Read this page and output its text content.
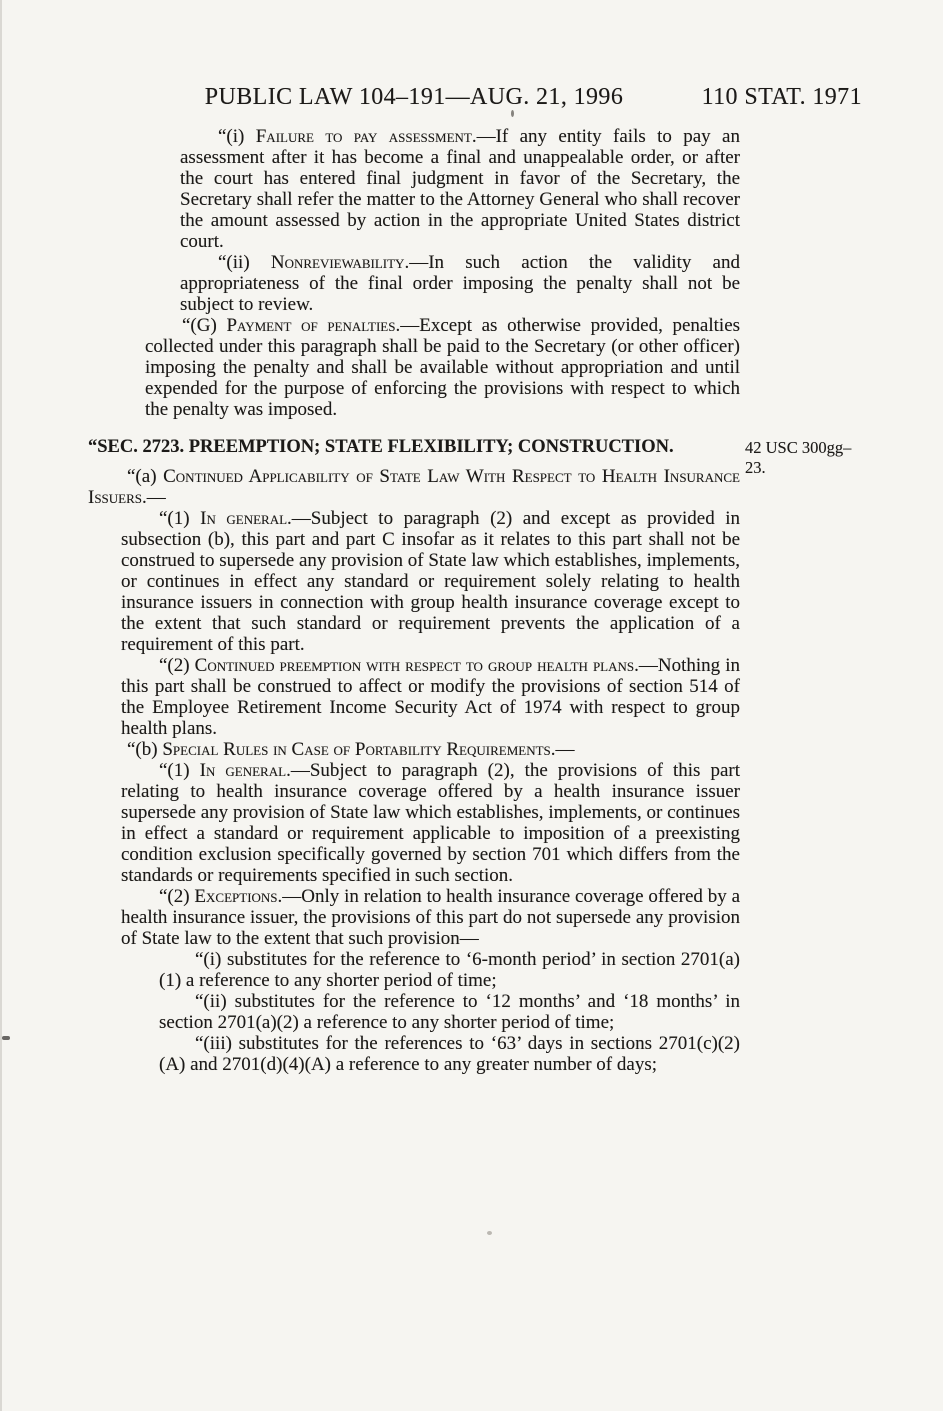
PUBLIC LAW 104–191—AUG. 21, 1996	110 STAT. 1971

“(i) Failure to pay assessment.—If any entity fails to pay an assessment after it has become a final and unappealable order, or after the court has entered final judgment in favor of the Secretary, the Secretary shall refer the matter to the Attorney General who shall recover the amount assessed by action in the appropriate United States district court.

“(ii) Nonreviewability.—In such action the validity and appropriateness of the final order imposing the penalty shall not be subject to review.

“(G) Payment of penalties.—Except as otherwise provided, penalties collected under this paragraph shall be paid to the Secretary (or other officer) imposing the penalty and shall be available without appropriation and until expended for the purpose of enforcing the provisions with respect to which the penalty was imposed.

“SEC. 2723. PREEMPTION; STATE FLEXIBILITY; CONSTRUCTION.	42 USC 300gg–23.

“(a) Continued Applicability of State Law With Respect to Health Insurance Issuers.—

“(1) In general.—Subject to paragraph (2) and except as provided in subsection (b), this part and part C insofar as it relates to this part shall not be construed to supersede any provision of State law which establishes, implements, or continues in effect any standard or requirement solely relating to health insurance issuers in connection with group health insurance coverage except to the extent that such standard or requirement prevents the application of a requirement of this part.

“(2) Continued preemption with respect to group health plans.—Nothing in this part shall be construed to affect or modify the provisions of section 514 of the Employee Retirement Income Security Act of 1974 with respect to group health plans.

“(b) Special Rules in Case of Portability Requirements.—

“(1) In general.—Subject to paragraph (2), the provisions of this part relating to health insurance coverage offered by a health insurance issuer supersede any provision of State law which establishes, implements, or continues in effect a standard or requirement applicable to imposition of a preexisting condition exclusion specifically governed by section 701 which differs from the standards or requirements specified in such section.

“(2) Exceptions.—Only in relation to health insurance coverage offered by a health insurance issuer, the provisions of this part do not supersede any provision of State law to the extent that such provision—

“(i) substitutes for the reference to ‘6-month period’ in section 2701(a)(1) a reference to any shorter period of time;

“(ii) substitutes for the reference to ‘12 months’ and ‘18 months’ in section 2701(a)(2) a reference to any shorter period of time;

“(iii) substitutes for the references to ‘63’ days in sections 2701(c)(2)(A) and 2701(d)(4)(A) a reference to any greater number of days;
